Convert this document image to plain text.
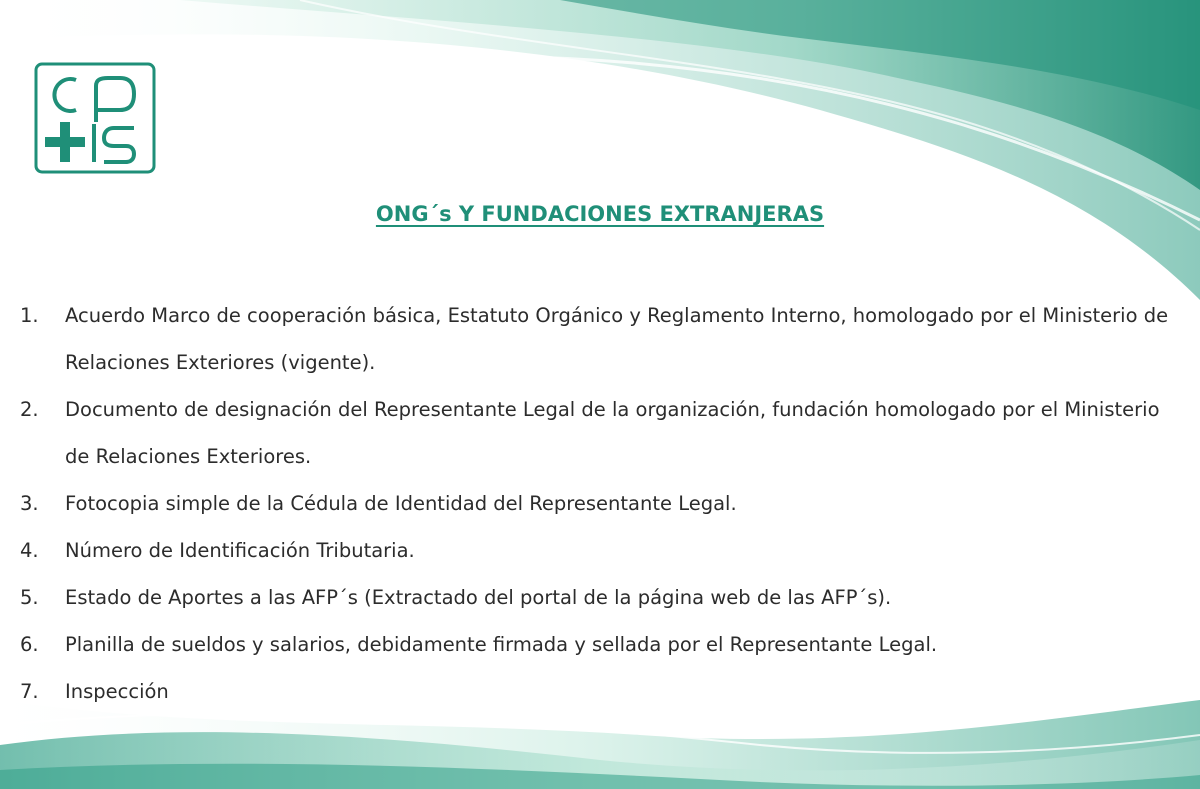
ONG´s Y FUNDACIONES EXTRANJERAS
1.	Acuerdo Marco de cooperación básica, Estatuto Orgánico y Reglamento Interno, homologado por el Ministerio de Relaciones Exteriores (vigente).
2.	Documento de designación del Representante Legal de la organización, fundación homologado por el Ministerio de Relaciones Exteriores.
3.	Fotocopia simple de la Cédula de Identidad del Representante Legal.
4.	Número de Identificación Tributaria.
5.	Estado de Aportes a las AFP´s (Extractado del portal de la página web de las AFP´s).
6.	Planilla de sueldos y salarios, debidamente firmada y sellada por el Representante Legal.
7.	Inspección
